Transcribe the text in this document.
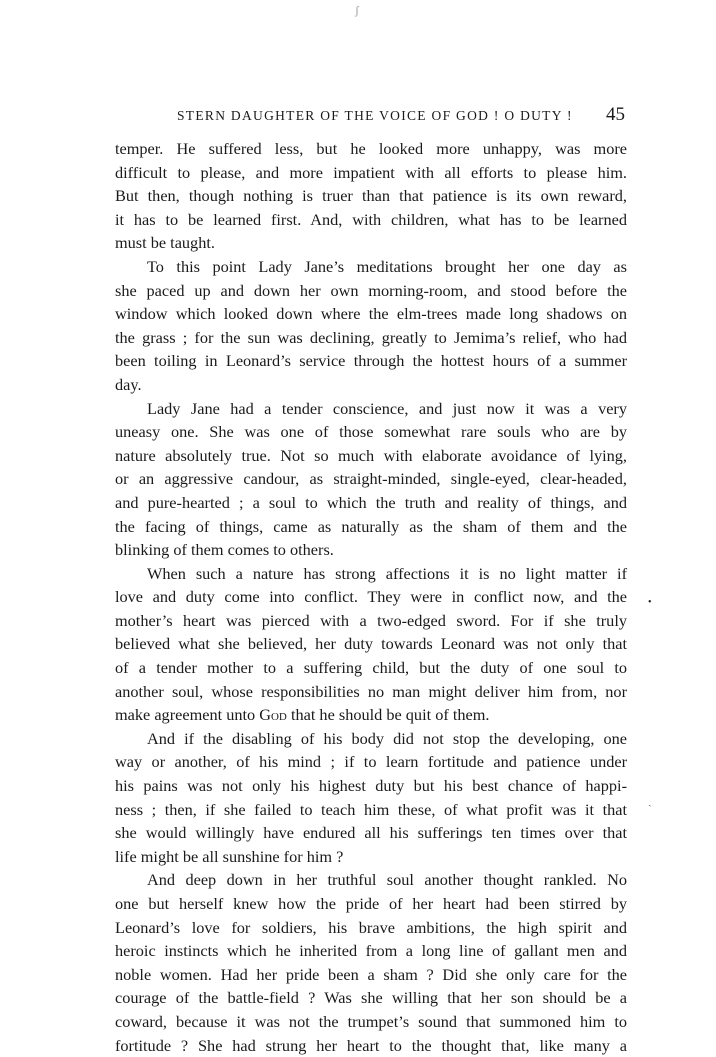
ʃ
STERN DAUGHTER OF THE VOICE OF GOD ! O DUTY ! 45
temper. He suffered less, but he looked more unhappy, was more
difficult to please, and more impatient with all efforts to please him.
But then, though nothing is truer than that patience is its own reward,
it has to be learned first. And, with children, what has to be learned
must be taught.
To this point Lady Jane’s meditations brought her one day as
she paced up and down her own morning-room, and stood before the
window which looked down where the elm-trees made long shadows on
the grass ; for the sun was declining, greatly to Jemima’s relief, who had
been toiling in Leonard’s service through the hottest hours of a summer
day.
Lady Jane had a tender conscience, and just now it was a very
uneasy one. She was one of those somewhat rare souls who are by
nature absolutely true. Not so much with elaborate avoidance of lying,
or an aggressive candour, as straight-minded, single-eyed, clear-headed,
and pure-hearted ; a soul to which the truth and reality of things, and
the facing of things, came as naturally as the sham of them and the
blinking of them comes to others.
When such a nature has strong affections it is no light matter if
love and duty come into conflict. They were in conflict now, and the
mother’s heart was pierced with a two-edged sword. For if she truly
believed what she believed, her duty towards Leonard was not only that
of a tender mother to a suffering child, but the duty of one soul to
another soul, whose responsibilities no man might deliver him from, nor
make agreement unto God that he should be quit of them.
And if the disabling of his body did not stop the developing, one
way or another, of his mind ; if to learn fortitude and patience under
his pains was not only his highest duty but his best chance of happi-
ness ; then, if she failed to teach him these, of what profit was it that
she would willingly have endured all his sufferings ten times over that
life might be all sunshine for him ?
And deep down in her truthful soul another thought rankled. No
one but herself knew how the pride of her heart had been stirred by
Leonard’s love for soldiers, his brave ambitions, the high spirit and
heroic instincts which he inherited from a long line of gallant men and
noble women. Had her pride been a sham ? Did she only care for the
courage of the battle-field ? Was she willing that her son should be a
coward, because it was not the trumpet’s sound that summoned him to
fortitude ? She had strung her heart to the thought that, like many a
•
ˎ
